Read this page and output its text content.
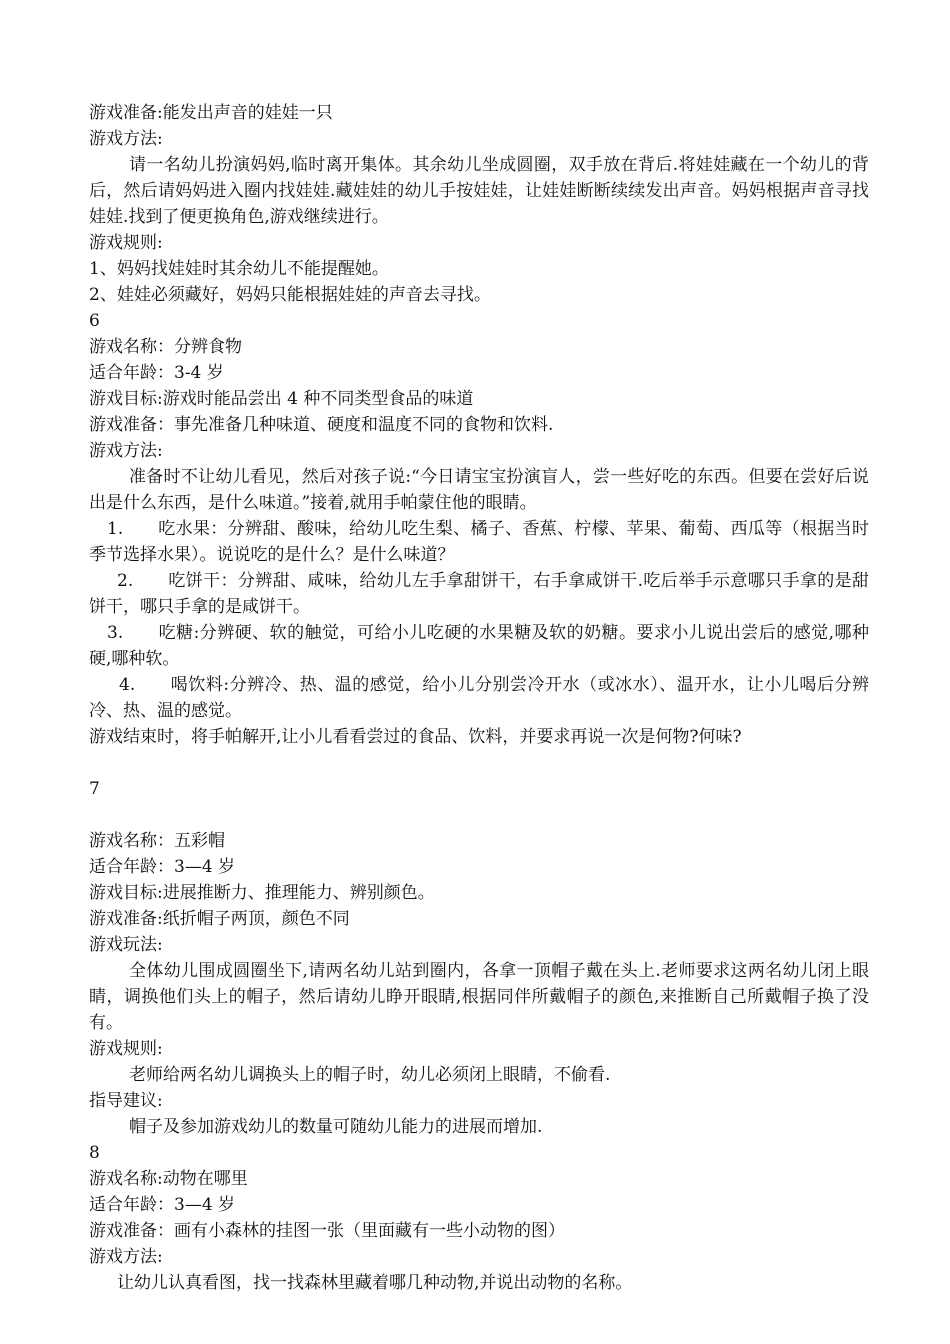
游戏准备:能发出声音的娃娃一只
游戏方法:
请一名幼儿扮演妈妈,临时离开集体。其余幼儿坐成圆圈，双手放在背后.将娃娃藏在一个幼儿的背后，然后请妈妈进入圈内找娃娃.藏娃娃的幼儿手按娃娃，让娃娃断断续续发出声音。妈妈根据声音寻找娃娃.找到了便更换角色,游戏继续进行。
游戏规则:
1、妈妈找娃娃时其余幼儿不能提醒她。
2、娃娃必须藏好，妈妈只能根据娃娃的声音去寻找。
6
游戏名称：分辨食物
适合年龄：3-4 岁
游戏目标:游戏时能品尝出 4 种不同类型食品的味道
游戏准备：事先准备几种味道、硬度和温度不同的食物和饮料.
游戏方法:
准备时不让幼儿看见，然后对孩子说:“今日请宝宝扮演盲人，尝一些好吃的东西。但要在尝好后说出是什么东西，是什么味道。”接着,就用手帕蒙住他的眼睛。
1.　　吃水果：分辨甜、酸味，给幼儿吃生梨、橘子、香蕉、柠檬、苹果、葡萄、西瓜等（根据当时季节选择水果）。说说吃的是什么？是什么味道？
2.　　吃饼干：分辨甜、咸味，给幼儿左手拿甜饼干，右手拿咸饼干.吃后举手示意哪只手拿的是甜饼干，哪只手拿的是咸饼干。
3.　　吃糖:分辨硬、软的触觉，可给小儿吃硬的水果糖及软的奶糖。要求小儿说出尝后的感觉,哪种硬,哪种软。
4.　　喝饮料:分辨冷、热、温的感觉，给小儿分别尝冷开水（或冰水）、温开水，让小儿喝后分辨冷、热、温的感觉。
游戏结束时，将手帕解开,让小儿看看尝过的食品、饮料，并要求再说一次是何物?何味?
7
游戏名称：五彩帽
适合年龄：3—4 岁
游戏目标:进展推断力、推理能力、辨别颜色。
游戏准备:纸折帽子两顶，颜色不同
游戏玩法:
全体幼儿围成圆圈坐下,请两名幼儿站到圈内，各拿一顶帽子戴在头上.老师要求这两名幼儿闭上眼睛，调换他们头上的帽子，然后请幼儿睁开眼睛,根据同伴所戴帽子的颜色,来推断自己所戴帽子换了没有。
游戏规则:
老师给两名幼儿调换头上的帽子时，幼儿必须闭上眼睛，不偷看.
指导建议:
帽子及参加游戏幼儿的数量可随幼儿能力的进展而增加.
8
游戏名称:动物在哪里
适合年龄：3—4 岁
游戏准备：画有小森林的挂图一张（里面藏有一些小动物的图）
游戏方法:
让幼儿认真看图，找一找森林里藏着哪几种动物,并说出动物的名称。
